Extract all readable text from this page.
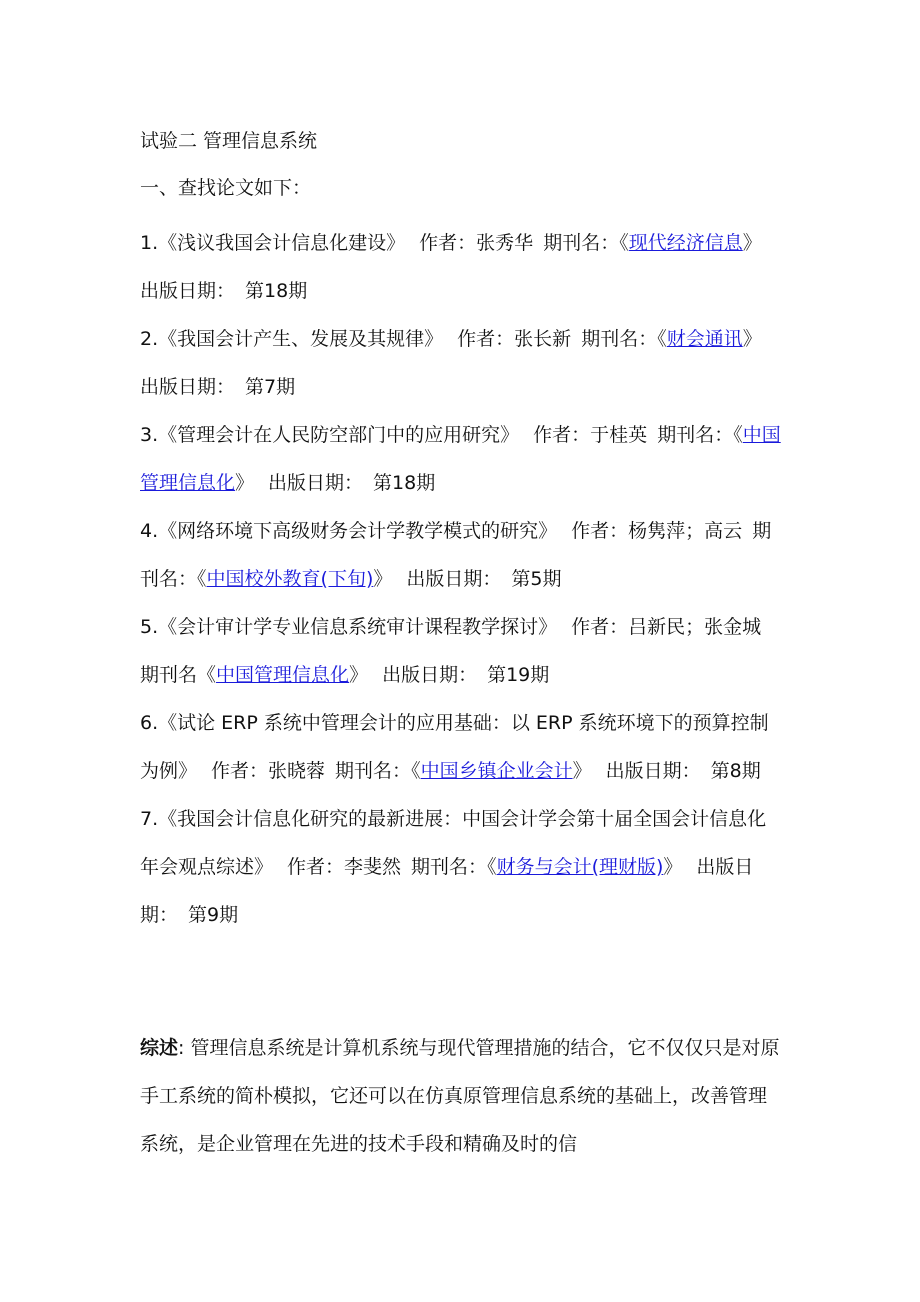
试验二 管理信息系统
一、查找论文如下：
1.《浅议我国会计信息化建设》 作者：张秀华 期刊名：《现代经济信息》出版日期： 第18期
2.《我国会计产生、发展及其规律》 作者：张长新 期刊名：《财会通讯》出版日期： 第7期
3.《管理会计在人民防空部门中的应用研究》 作者：于桂英 期刊名：《中国管理信息化》 出版日期： 第18期
4.《网络环境下高级财务会计学教学模式的研究》 作者：杨隽萍；高云 期刊名：《中国校外教育(下旬)》 出版日期： 第5期
5.《会计审计学专业信息系统审计课程教学探讨》 作者：吕新民；张金城期刊名《中国管理信息化》 出版日期： 第19期
6.《试论 ERP 系统中管理会计的应用基础：以 ERP 系统环境下的预算控制为例》 作者：张晓蓉 期刊名：《中国乡镇企业会计》 出版日期： 第8期
7.《我国会计信息化研究的最新进展：中国会计学会第十届全国会计信息化年会观点综述》 作者：李斐然 期刊名：《财务与会计(理财版)》 出版日期： 第9期

综述: 管理信息系统是计算机系统与现代管理措施的结合，它不仅仅只是对原手工系统的简朴模拟，它还可以在仿真原管理信息系统的基础上，改善管理系统，是企业管理在先进的技术手段和精确及时的信
